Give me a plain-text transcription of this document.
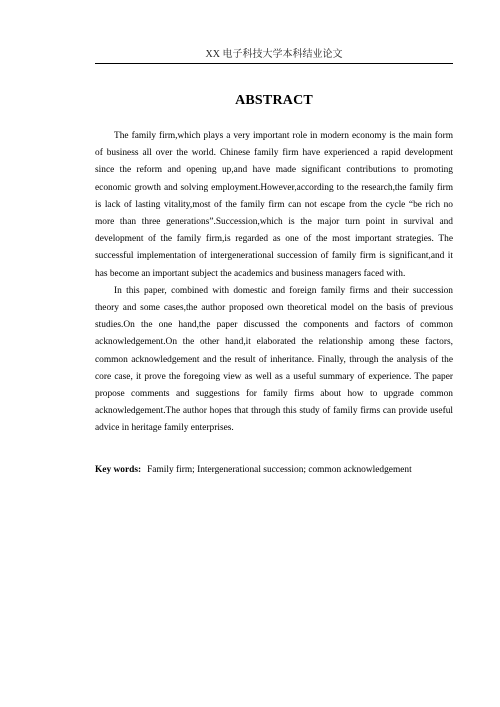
XX 电子科技大学本科结业论文
ABSTRACT

The family firm,which plays a very important role in modern economy is the main form of business all over the world. Chinese family firm have experienced a rapid development since the reform and opening up,and have made significant contributions to promoting economic growth and solving employment.However,according to the research,the family firm is lack of lasting vitality,most of the family firm can not escape from the cycle “be rich no more than three generations”.Succession,which is the major turn point in survival and development of the family firm,is regarded as one of the most important strategies. The successful implementation of intergenerational succession of family firm is significant,and it has become an important subject the academics and business managers faced with.

In this paper, combined with domestic and foreign family firms and their succession theory and some cases,the author proposed own theoretical model on the basis of previous studies.On the one hand,the paper discussed the components and factors of common acknowledgement.On the other hand,it elaborated the relationship among these factors, common acknowledgement and the result of inheritance. Finally, through the analysis of the core case, it prove the foregoing view as well as a useful summary of experience. The paper propose comments and suggestions for family firms about how to upgrade common acknowledgement.The author hopes that through this study of family firms can provide useful advice in heritage family enterprises.

Key words: Family firm; Intergenerational succession; common acknowledgement
